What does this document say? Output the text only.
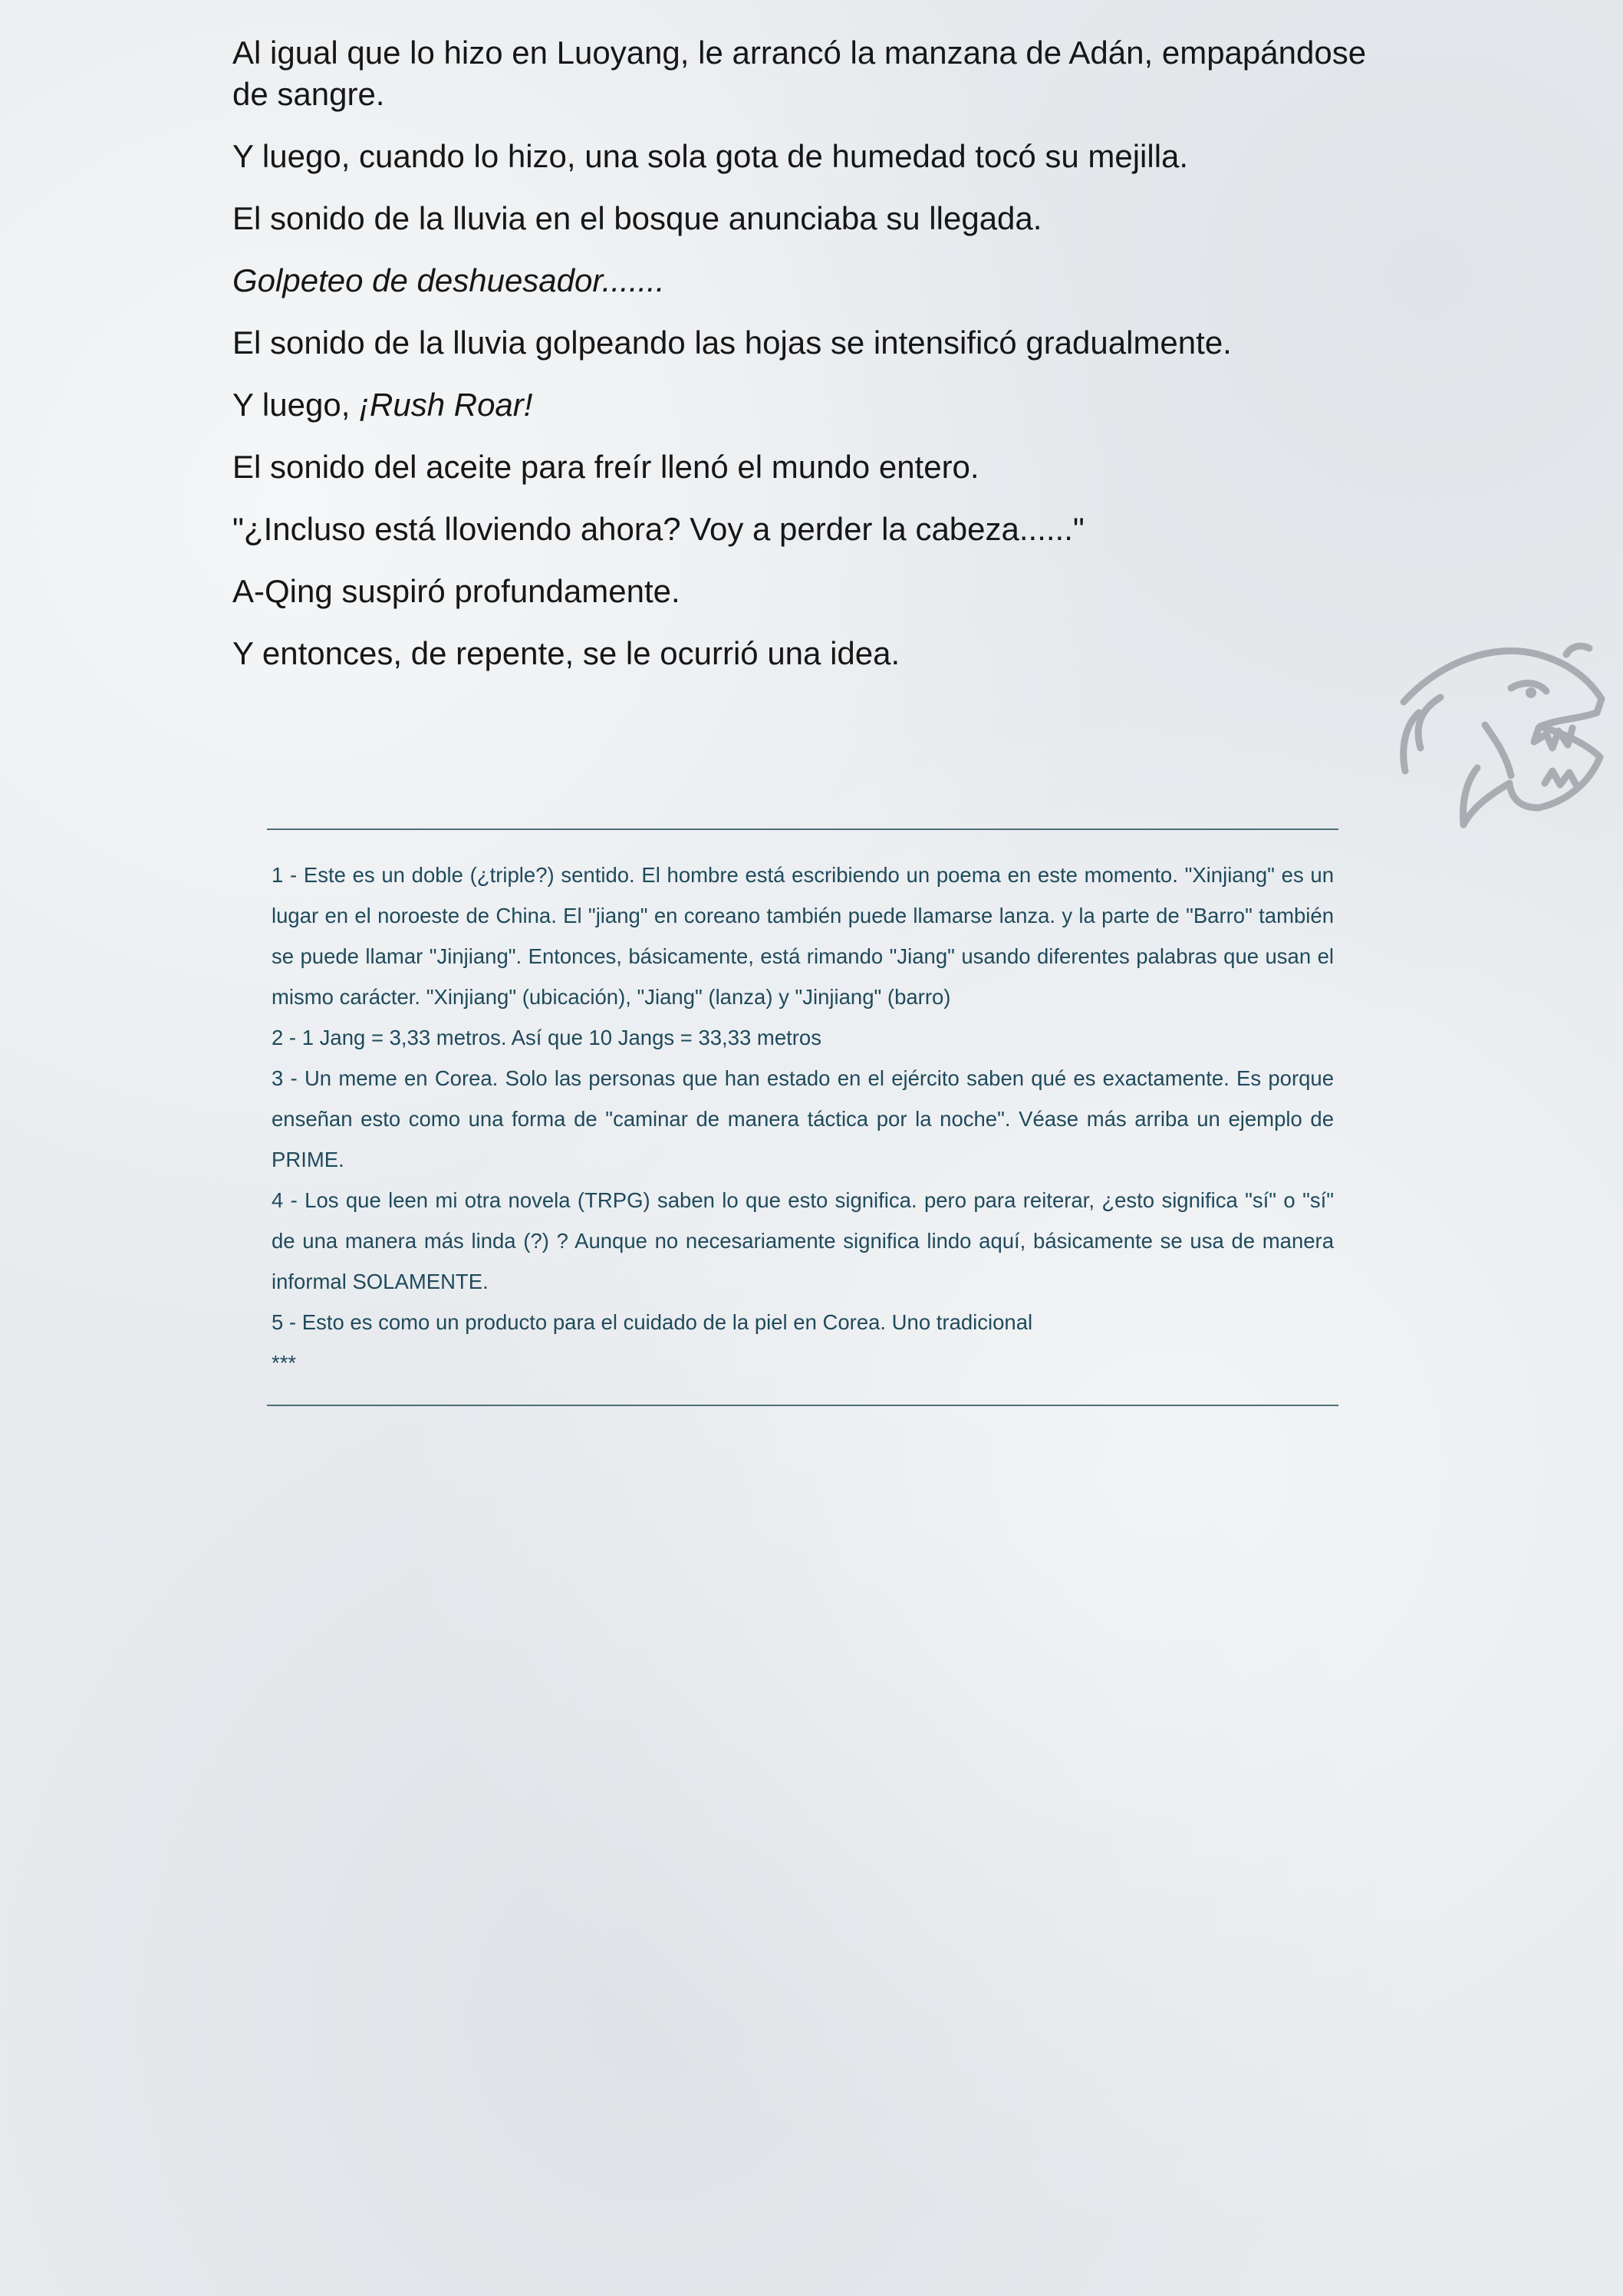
Al igual que lo hizo en Luoyang, le arrancó la manzana de Adán, empapándose de sangre.

Y luego, cuando lo hizo, una sola gota de humedad tocó su mejilla.

El sonido de la lluvia en el bosque anunciaba su llegada.

Golpeteo de deshuesador.......

El sonido de la lluvia golpeando las hojas se intensificó gradualmente.

Y luego, ¡Rush Roar!

El sonido del aceite para freír llenó el mundo entero.

"¿Incluso está lloviendo ahora? Voy a perder la cabeza......"

A-Qing suspiró profundamente.

Y entonces, de repente, se le ocurrió una idea.

1 - Este es un doble (¿triple?) sentido. El hombre está escribiendo un poema en este momento. "Xinjiang" es un lugar en el noroeste de China. El "jiang" en coreano también puede llamarse lanza. y la parte de "Barro" también se puede llamar "Jinjiang". Entonces, básicamente, está rimando "Jiang" usando diferentes palabras que usan el mismo carácter. "Xinjiang" (ubicación), "Jiang" (lanza) y "Jinjiang" (barro)
2 - 1 Jang = 3,33 metros. Así que 10 Jangs = 33,33 metros
3 - Un meme en Corea. Solo las personas que han estado en el ejército saben qué es exactamente. Es porque enseñan esto como una forma de "caminar de manera táctica por la noche". Véase más arriba un ejemplo de PRIME.
4 - Los que leen mi otra novela (TRPG) saben lo que esto significa. pero para reiterar, ¿esto significa "sí" o "sí" de una manera más linda (?) ? Aunque no necesariamente significa lindo aquí, básicamente se usa de manera informal SOLAMENTE.
5 - Esto es como un producto para el cuidado de la piel en Corea. Uno tradicional
***
